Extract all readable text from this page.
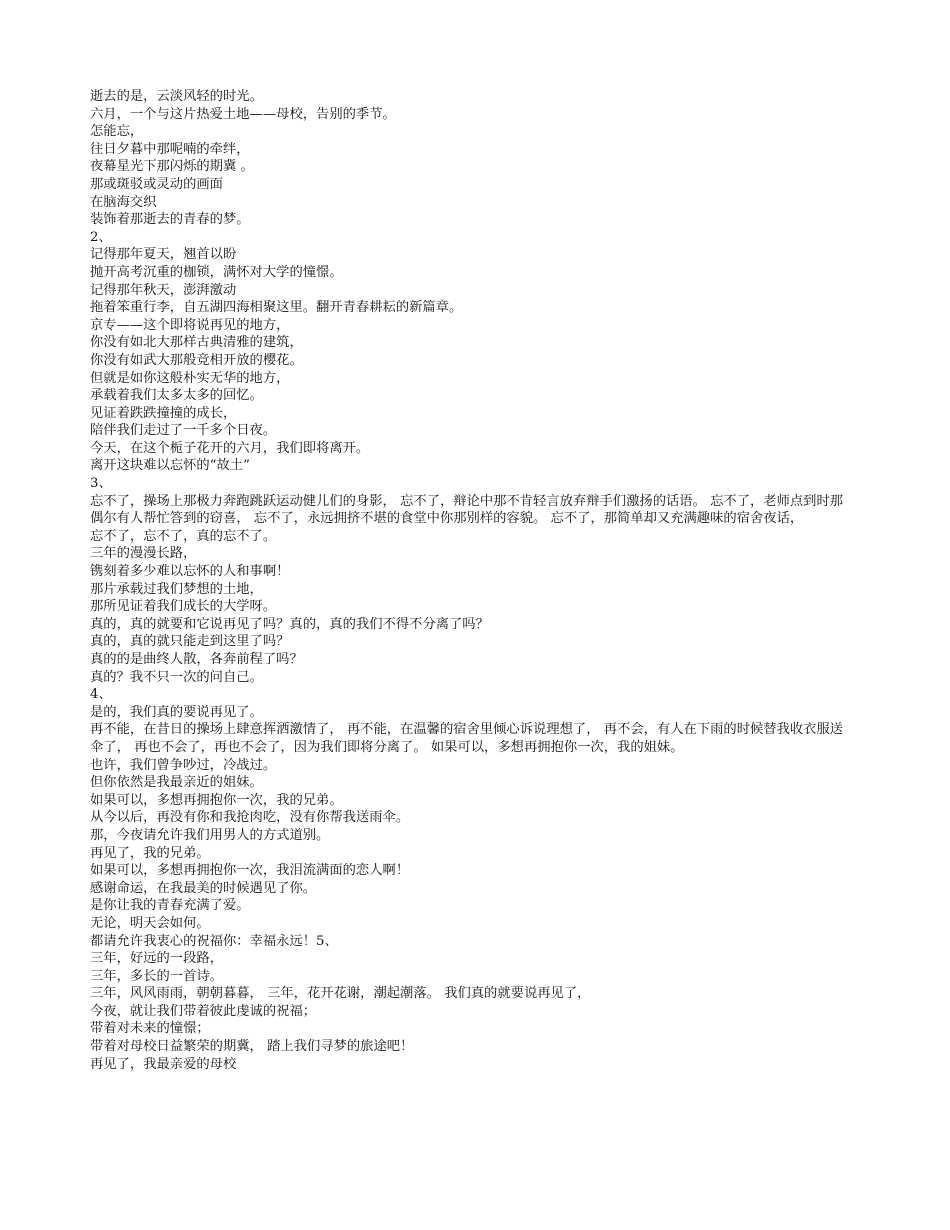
逝去的是，云淡风轻的时光。
六月，一个与这片热爱土地——母校，告别的季节。
怎能忘，
往日夕暮中那呢喃的牵绊，
夜幕星光下那闪烁的期冀 。
那或斑驳或灵动的画面
在脑海交织
装饰着那逝去的青春的梦。
2、
记得那年夏天，翘首以盼
抛开高考沉重的枷锁，满怀对大学的憧憬。
记得那年秋天，澎湃激动
拖着笨重行李，自五湖四海相聚这里。翻开青春耕耘的新篇章。
京专——这个即将说再见的地方，
你没有如北大那样古典清雅的建筑，
你没有如武大那般竞相开放的樱花。
但就是如你这般朴实无华的地方，
承载着我们太多太多的回忆。
见证着跌跌撞撞的成长，
陪伴我们走过了一千多个日夜。
今天，在这个栀子花开的六月，我们即将离开。
离开这块难以忘怀的“故土”
3、
忘不了，操场上那极力奔跑跳跃运动健儿们的身影， 忘不了，辩论中那不肯轻言放弃辩手们激扬的话语。 忘不了，老师点到时那偶尔有人帮忙答到的窃喜， 忘不了，永远拥挤不堪的食堂中你那别样的容貌。 忘不了，那简单却又充满趣味的宿舍夜话，
忘不了，忘不了，真的忘不了。
三年的漫漫长路，
镌刻着多少难以忘怀的人和事啊！
那片承载过我们梦想的土地，
那所见证着我们成长的大学呀。
真的，真的就要和它说再见了吗？真的，真的我们不得不分离了吗？
真的，真的就只能走到这里了吗？
真的的是曲终人散，各奔前程了吗？
真的？我不只一次的问自己。
4、
是的，我们真的要说再见了。
再不能，在昔日的操场上肆意挥洒激情了， 再不能，在温馨的宿舍里倾心诉说理想了， 再不会，有人在下雨的时候替我收衣服送伞了， 再也不会了，再也不会了，因为我们即将分离了。 如果可以，多想再拥抱你一次，我的姐妹。
也许，我们曾争吵过，冷战过。
但你依然是我最亲近的姐妹。
如果可以，多想再拥抱你一次，我的兄弟。
从今以后，再没有你和我抢肉吃，没有你帮我送雨伞。
那，今夜请允许我们用男人的方式道别。
再见了，我的兄弟。
如果可以，多想再拥抱你一次，我泪流满面的恋人啊！
感谢命运，在我最美的时候遇见了你。
是你让我的青春充满了爱。
无论，明天会如何。
都请允许我衷心的祝福你：幸福永远！5、
三年，好远的一段路，
三年，多长的一首诗。
三年，风风雨雨，朝朝暮暮， 三年，花开花谢，潮起潮落。 我们真的就要说再见了，
今夜，就让我们带着彼此虔诚的祝福；
带着对未来的憧憬；
带着对母校日益繁荣的期冀， 踏上我们寻梦的旅途吧！
再见了，我最亲爱的母校
